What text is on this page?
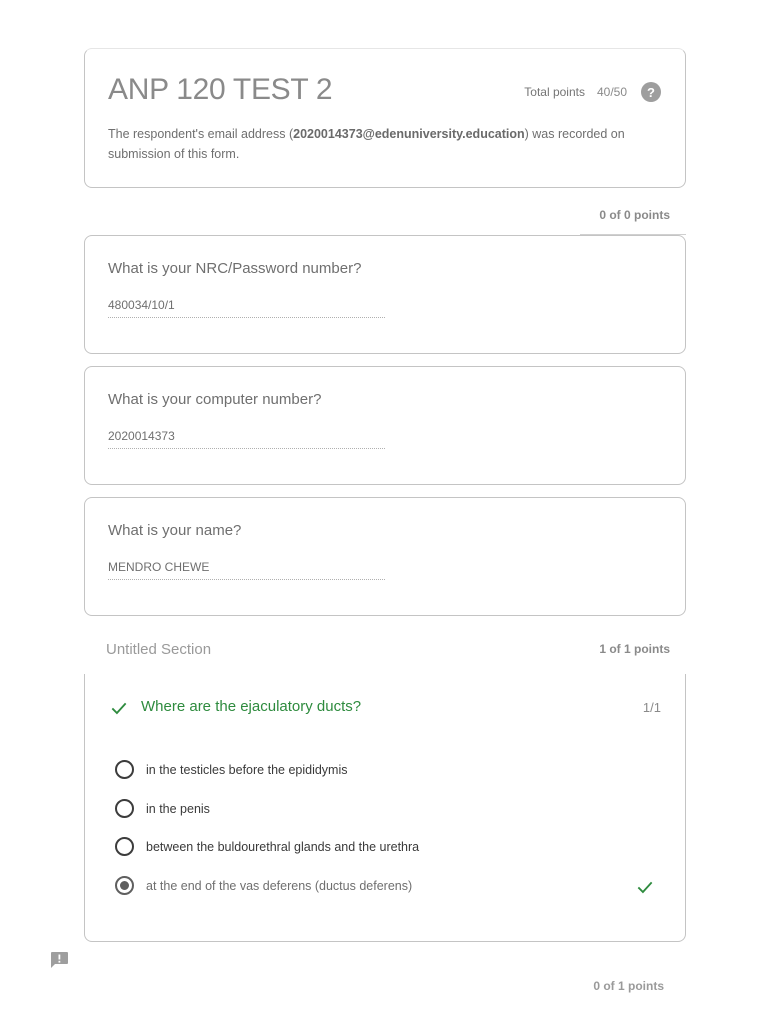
ANP 120 TEST 2	Total points 40/50	?
The respondent's email address (2020014373@edenuniversity.education) was recorded on submission of this form.
0 of 0 points
What is your NRC/Password number?
480034/10/1
What is your computer number?
2020014373
What is your name?
MENDRO CHEWE
Untitled Section	1 of 1 points
Where are the ejaculatory ducts?	1/1
in the testicles before the epididymis
in the penis
between the buldourethral glands and the urethra
at the end of the vas deferens (ductus deferens)
0 of 1 points
